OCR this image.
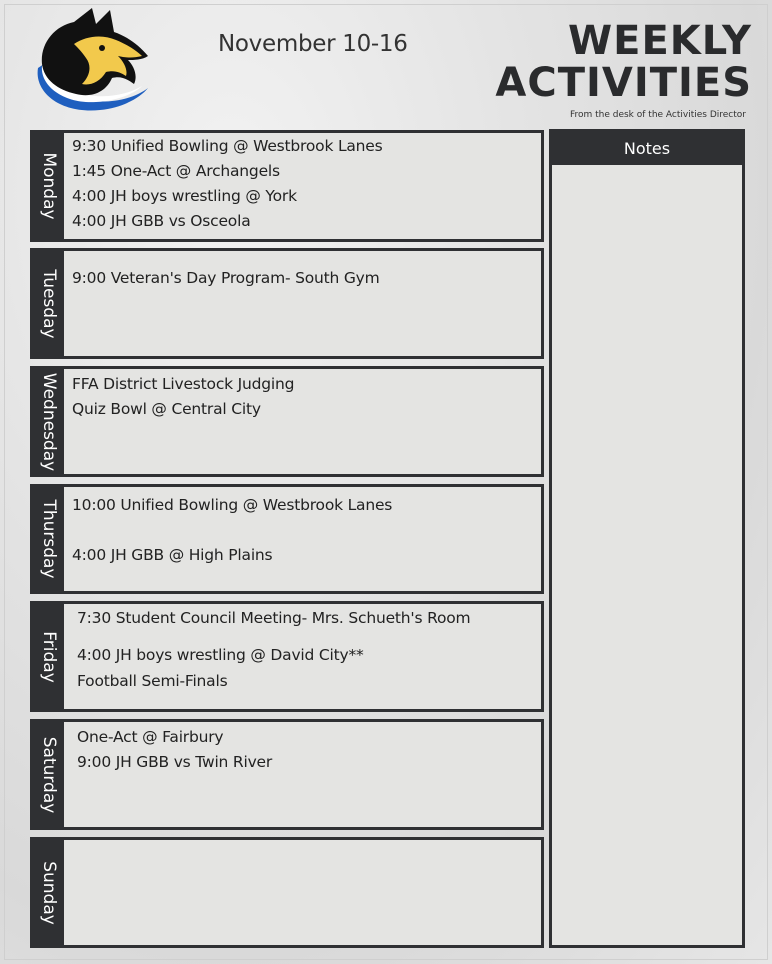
November 10-16	WEEKLY
ACTIVITIES
From the desk of the Activities Director
Monday
9:30 Unified Bowling @ Westbrook Lanes
1:45 One-Act @ Archangels
4:00 JH boys wrestling @ York
4:00 JH GBB vs Osceola
Tuesday 9:00 Veteran's Day Program- South Gym
Wednesday FFA District Livestock Judging
Quiz Bowl @ Central City
Thursday 10:00 Unified Bowling @ Westbrook Lanes
4:00 JH GBB @ High Plains
Friday
7:30 Student Council Meeting- Mrs. Schueth's Room
4:00 JH boys wrestling @ David City**
Football Semi-Finals
Saturday One-Act @ Fairbury
9:00 JH GBB vs Twin River
Sunday
Notes
